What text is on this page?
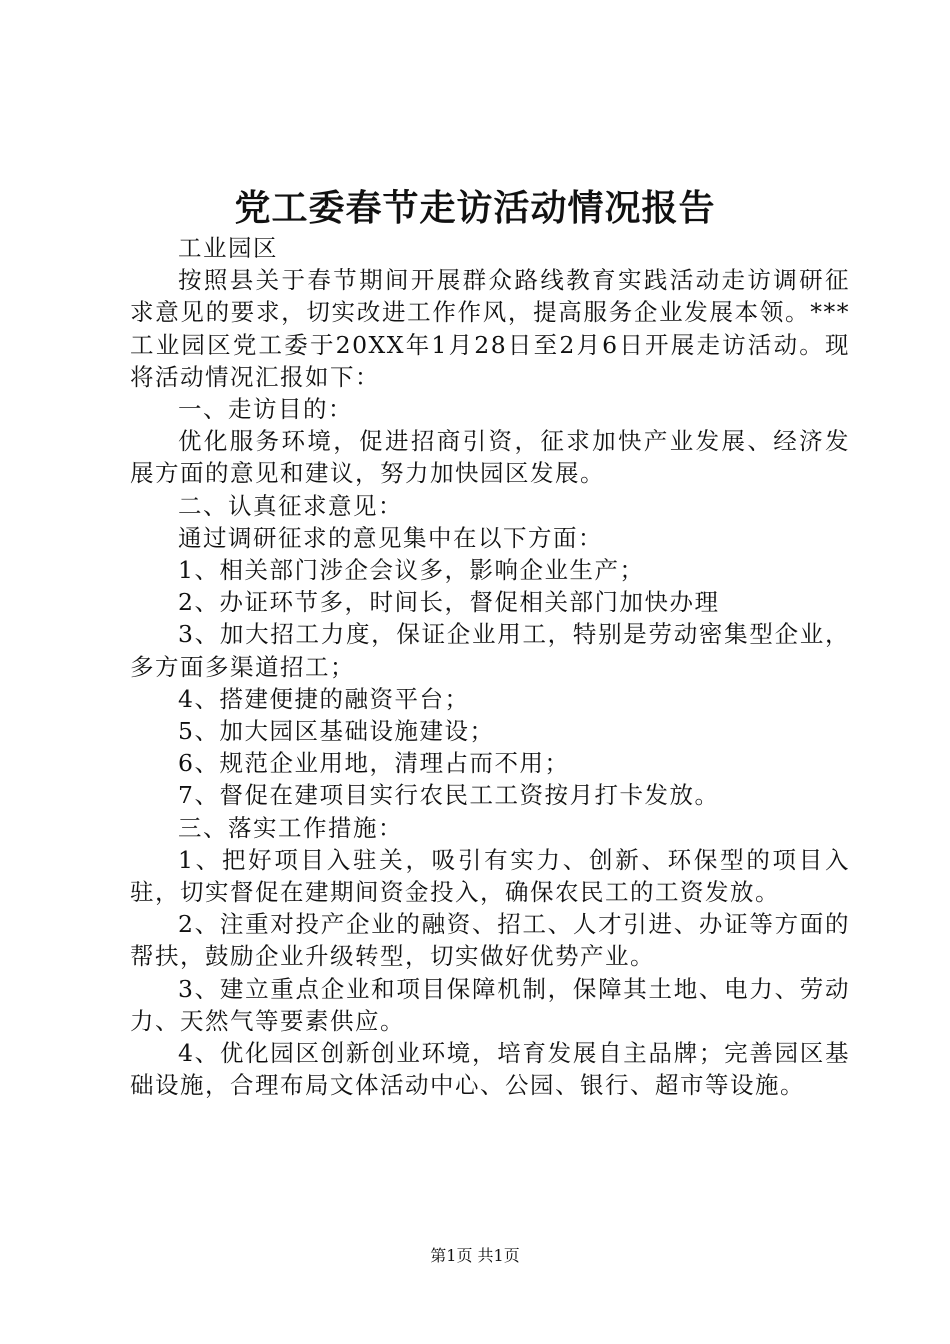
党工委春节走访活动情况报告

工业园区

按照县关于春节期间开展群众路线教育实践活动走访调研征求意见的要求，切实改进工作作风，提高服务企业发展本领。***工业园区党工委于20XX年1月28日至2月6日开展走访活动。现将活动情况汇报如下：

一、走访目的：

优化服务环境，促进招商引资，征求加快产业发展、经济发展方面的意见和建议，努力加快园区发展。

二、认真征求意见：

通过调研征求的意见集中在以下方面：

1、相关部门涉企会议多，影响企业生产；

2、办证环节多，时间长，督促相关部门加快办理

3、加大招工力度，保证企业用工，特别是劳动密集型企业，多方面多渠道招工；

4、搭建便捷的融资平台；

5、加大园区基础设施建设；

6、规范企业用地，清理占而不用；

7、督促在建项目实行农民工工资按月打卡发放。

三、落实工作措施：

1、把好项目入驻关，吸引有实力、创新、环保型的项目入驻，切实督促在建期间资金投入，确保农民工的工资发放。

2、注重对投产企业的融资、招工、人才引进、办证等方面的帮扶，鼓励企业升级转型，切实做好优势产业。

3、建立重点企业和项目保障机制，保障其土地、电力、劳动力、天然气等要素供应。

4、优化园区创新创业环境，培育发展自主品牌；完善园区基础设施，合理布局文体活动中心、公园、银行、超市等设施。

第1页 共1页
